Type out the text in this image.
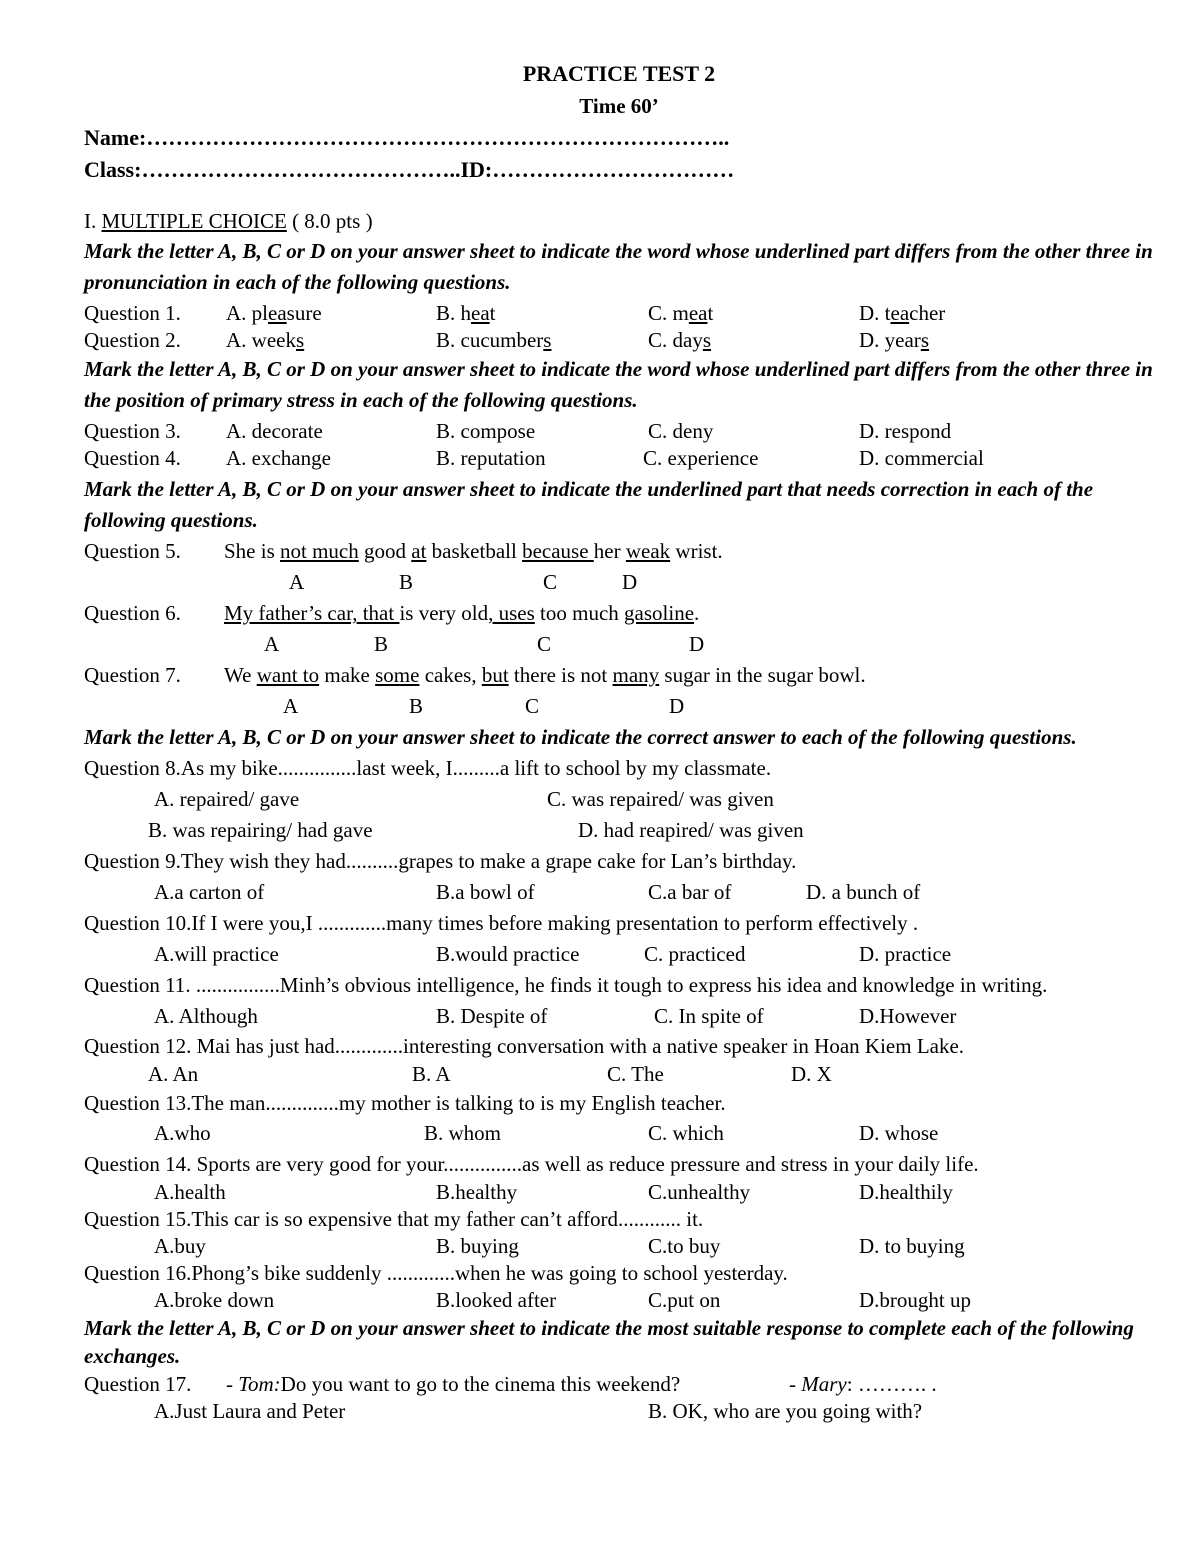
PRACTICE TEST 2
Time 60’
Name:……………………………………………………………………..
Class:……………………………………..ID:……………………………
I. MULTIPLE CHOICE ( 8.0 pts )
Mark the letter A, B, C or D on your answer sheet to indicate the word whose underlined part differs from the other three in pronunciation in each of the following questions.
Question 1. A. pleasure	B. heat	C. meat	D. teacher
Question 2. A. weeks	B. cucumbers	C. days	D. years
Mark the letter A, B, C or D on your answer sheet to indicate the word whose underlined part differs from the other three in the position of primary stress in each of the following questions.
Question 3. A. decorate	B. compose	C. deny	D. respond
Question 4. A. exchange	B. reputation	C. experience	D. commercial
Mark the letter A, B, C or D on your answer sheet to indicate the underlined part that needs correction in each of the following questions.
Question 5. She is not much good at basketball because her weak wrist.
A	B	C	D
Question 6. My father’s car, that is very old, uses too much gasoline.
A	B	C	D
Question 7. We want to make some cakes, but there is not many sugar in the sugar bowl.
A	B	C	D
Mark the letter A, B, C or D on your answer sheet to indicate the correct answer to each of the following questions.
Question 8.As my bike...............last week, I.........a lift to school by my classmate.
A. repaired/ gave	C. was repaired/ was given
B. was repairing/ had gave	D. had reapired/ was given
Question 9.They wish they had..........grapes to make a grape cake for Lan’s birthday.
A.a carton of	B.a bowl of	C.a bar of	D. a bunch of
Question 10.If I were you,I .............many times before making presentation to perform effectively .
A.will practice	B.would practice	C. practiced	D. practice
Question 11. ................Minh’s obvious intelligence, he finds it tough to express his idea and knowledge in writing.
A. Although	B. Despite of	C. In spite of	D.However
Question 12. Mai has just had.............interesting conversation with a native speaker in Hoan Kiem Lake.
A. An	B. A	C. The	D. X
Question 13.The man..............my mother is talking to is my English teacher.
A.who	B. whom	C. which	D. whose
Question 14. Sports are very good for your...............as well as reduce pressure and stress in your daily life.
A.health	B.healthy	C.unhealthy	D.healthily
Question 15.This car is so expensive that my father can’t afford............ it.
A.buy	B. buying	C.to buy	D. to buying
Question 16.Phong’s bike suddenly .............when he was going to school yesterday.
A.broke down	B.looked after	C.put on	D.brought up
Mark the letter A, B, C or D on your answer sheet to indicate the most suitable response to complete each of the following exchanges.
Question 17. - Tom:Do you want to go to the cinema this weekend?	- Mary: ………. .
A.Just Laura and Peter	B. OK, who are you going with?
